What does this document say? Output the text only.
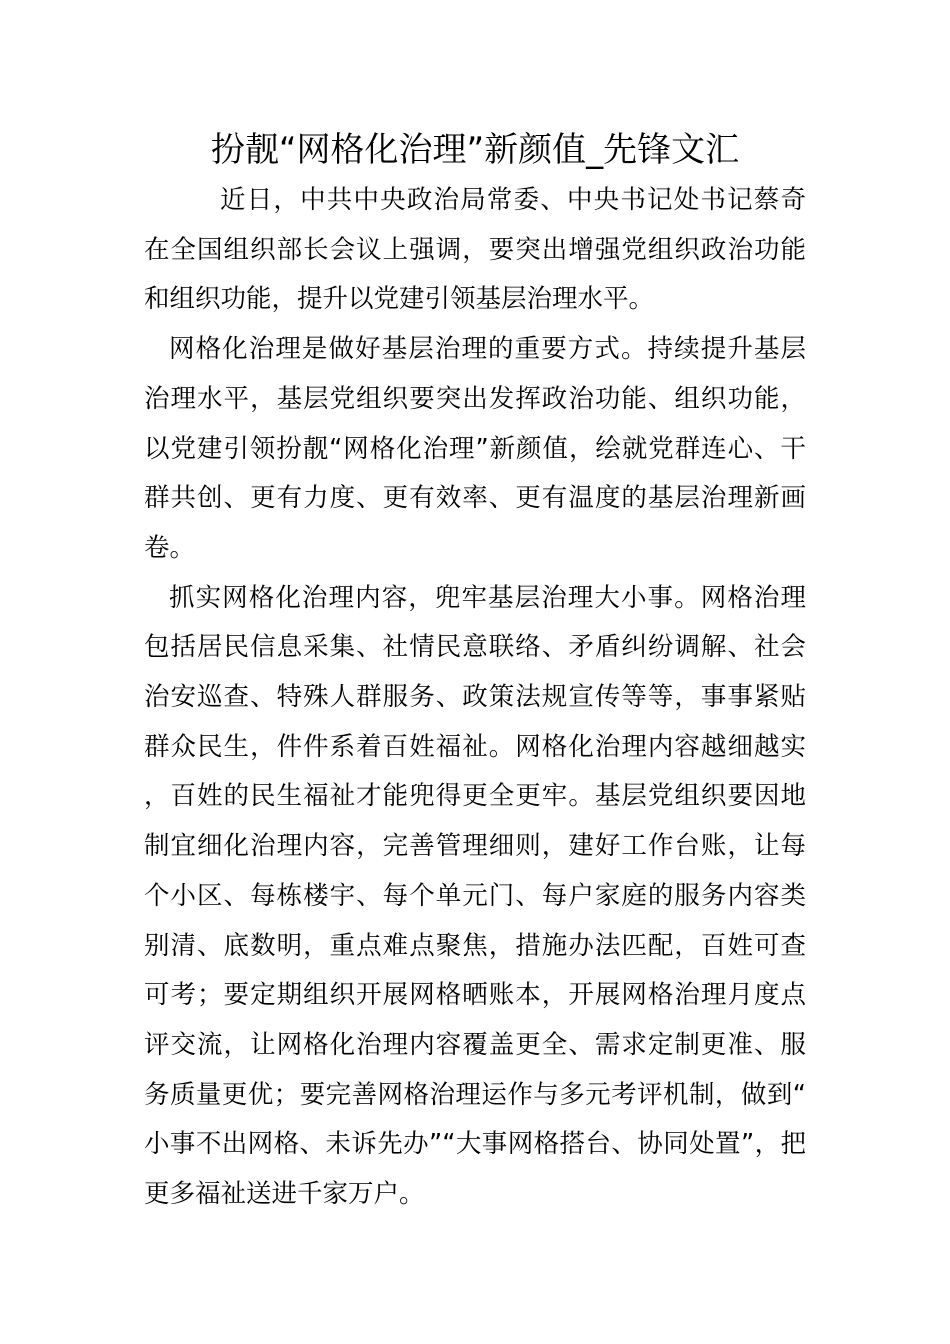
扮靓“网格化治理”新颜值_先锋文汇

近日，中共中央政治局常委、中央书记处书记蔡奇在全国组织部长会议上强调，要突出增强党组织政治功能和组织功能，提升以党建引领基层治理水平。

网格化治理是做好基层治理的重要方式。持续提升基层治理水平，基层党组织要突出发挥政治功能、组织功能，以党建引领扮靓“网格化治理”新颜值，绘就党群连心、干群共创、更有力度、更有效率、更有温度的基层治理新画卷。

抓实网格化治理内容，兜牢基层治理大小事。网格治理包括居民信息采集、社情民意联络、矛盾纠纷调解、社会治安巡查、特殊人群服务、政策法规宣传等等，事事紧贴群众民生，件件系着百姓福祉。网格化治理内容越细越实，百姓的民生福祉才能兜得更全更牢。基层党组织要因地制宜细化治理内容，完善管理细则，建好工作台账，让每个小区、每栋楼宇、每个单元门、每户家庭的服务内容类别清、底数明，重点难点聚焦，措施办法匹配，百姓可查可考；要定期组织开展网格晒账本，开展网格治理月度点评交流，让网格化治理内容覆盖更全、需求定制更准、服务质量更优；要完善网格治理运作与多元考评机制，做到“小事不出网格、未诉先办”“大事网格搭台、协同处置”，把更多福祉送进千家万户。
